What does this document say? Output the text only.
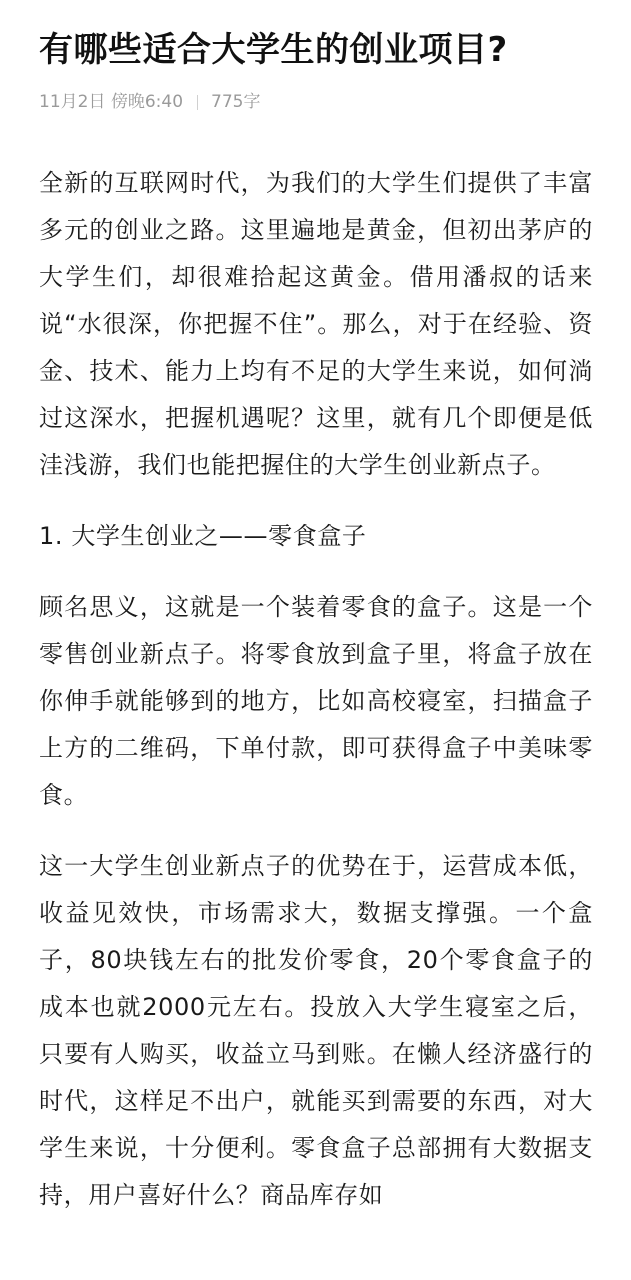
有哪些适合大学生的创业项目?
11月2日
傍晚6:40 775字

全新的互联网时代，为我们的大学生们提供了丰富多元的创业之路。这里遍地是黄金，但初出茅庐的大学生们，却很难拾起这黄金。借用潘叔的话来说“水很深，你把握不住”。那么，对于在经验、资金、技术、能力上均有不足的大学生来说，如何淌过这深水，把握机遇呢？这里，就有几个即便是低洼浅游，我们也能把握住的大学生创业新点子。

1. 大学生创业之——零食盒子

顾名思义，这就是一个装着零食的盒子。这是一个零售创业新点子。将零食放到盒子里，将盒子放在你伸手就能够到的地方，比如高校寝室，扫描盒子上方的二维码，下单付款，即可获得盒子中美味零食。

这一大学生创业新点子的优势在于，运营成本低，收益见效快，市场需求大，数据支撑强。一个盒子，80块钱左右的批发价零食，20个零食盒子的成本也就2000元左右。投放入大学生寝室之后，只要有人购买，收益立马到账。在懒人经济盛行的时代，这样足不出户，就能买到需要的东西，对大学生来说，十分便利。零食盒子总部拥有大数据支持，用户喜好什么？商品库存如
